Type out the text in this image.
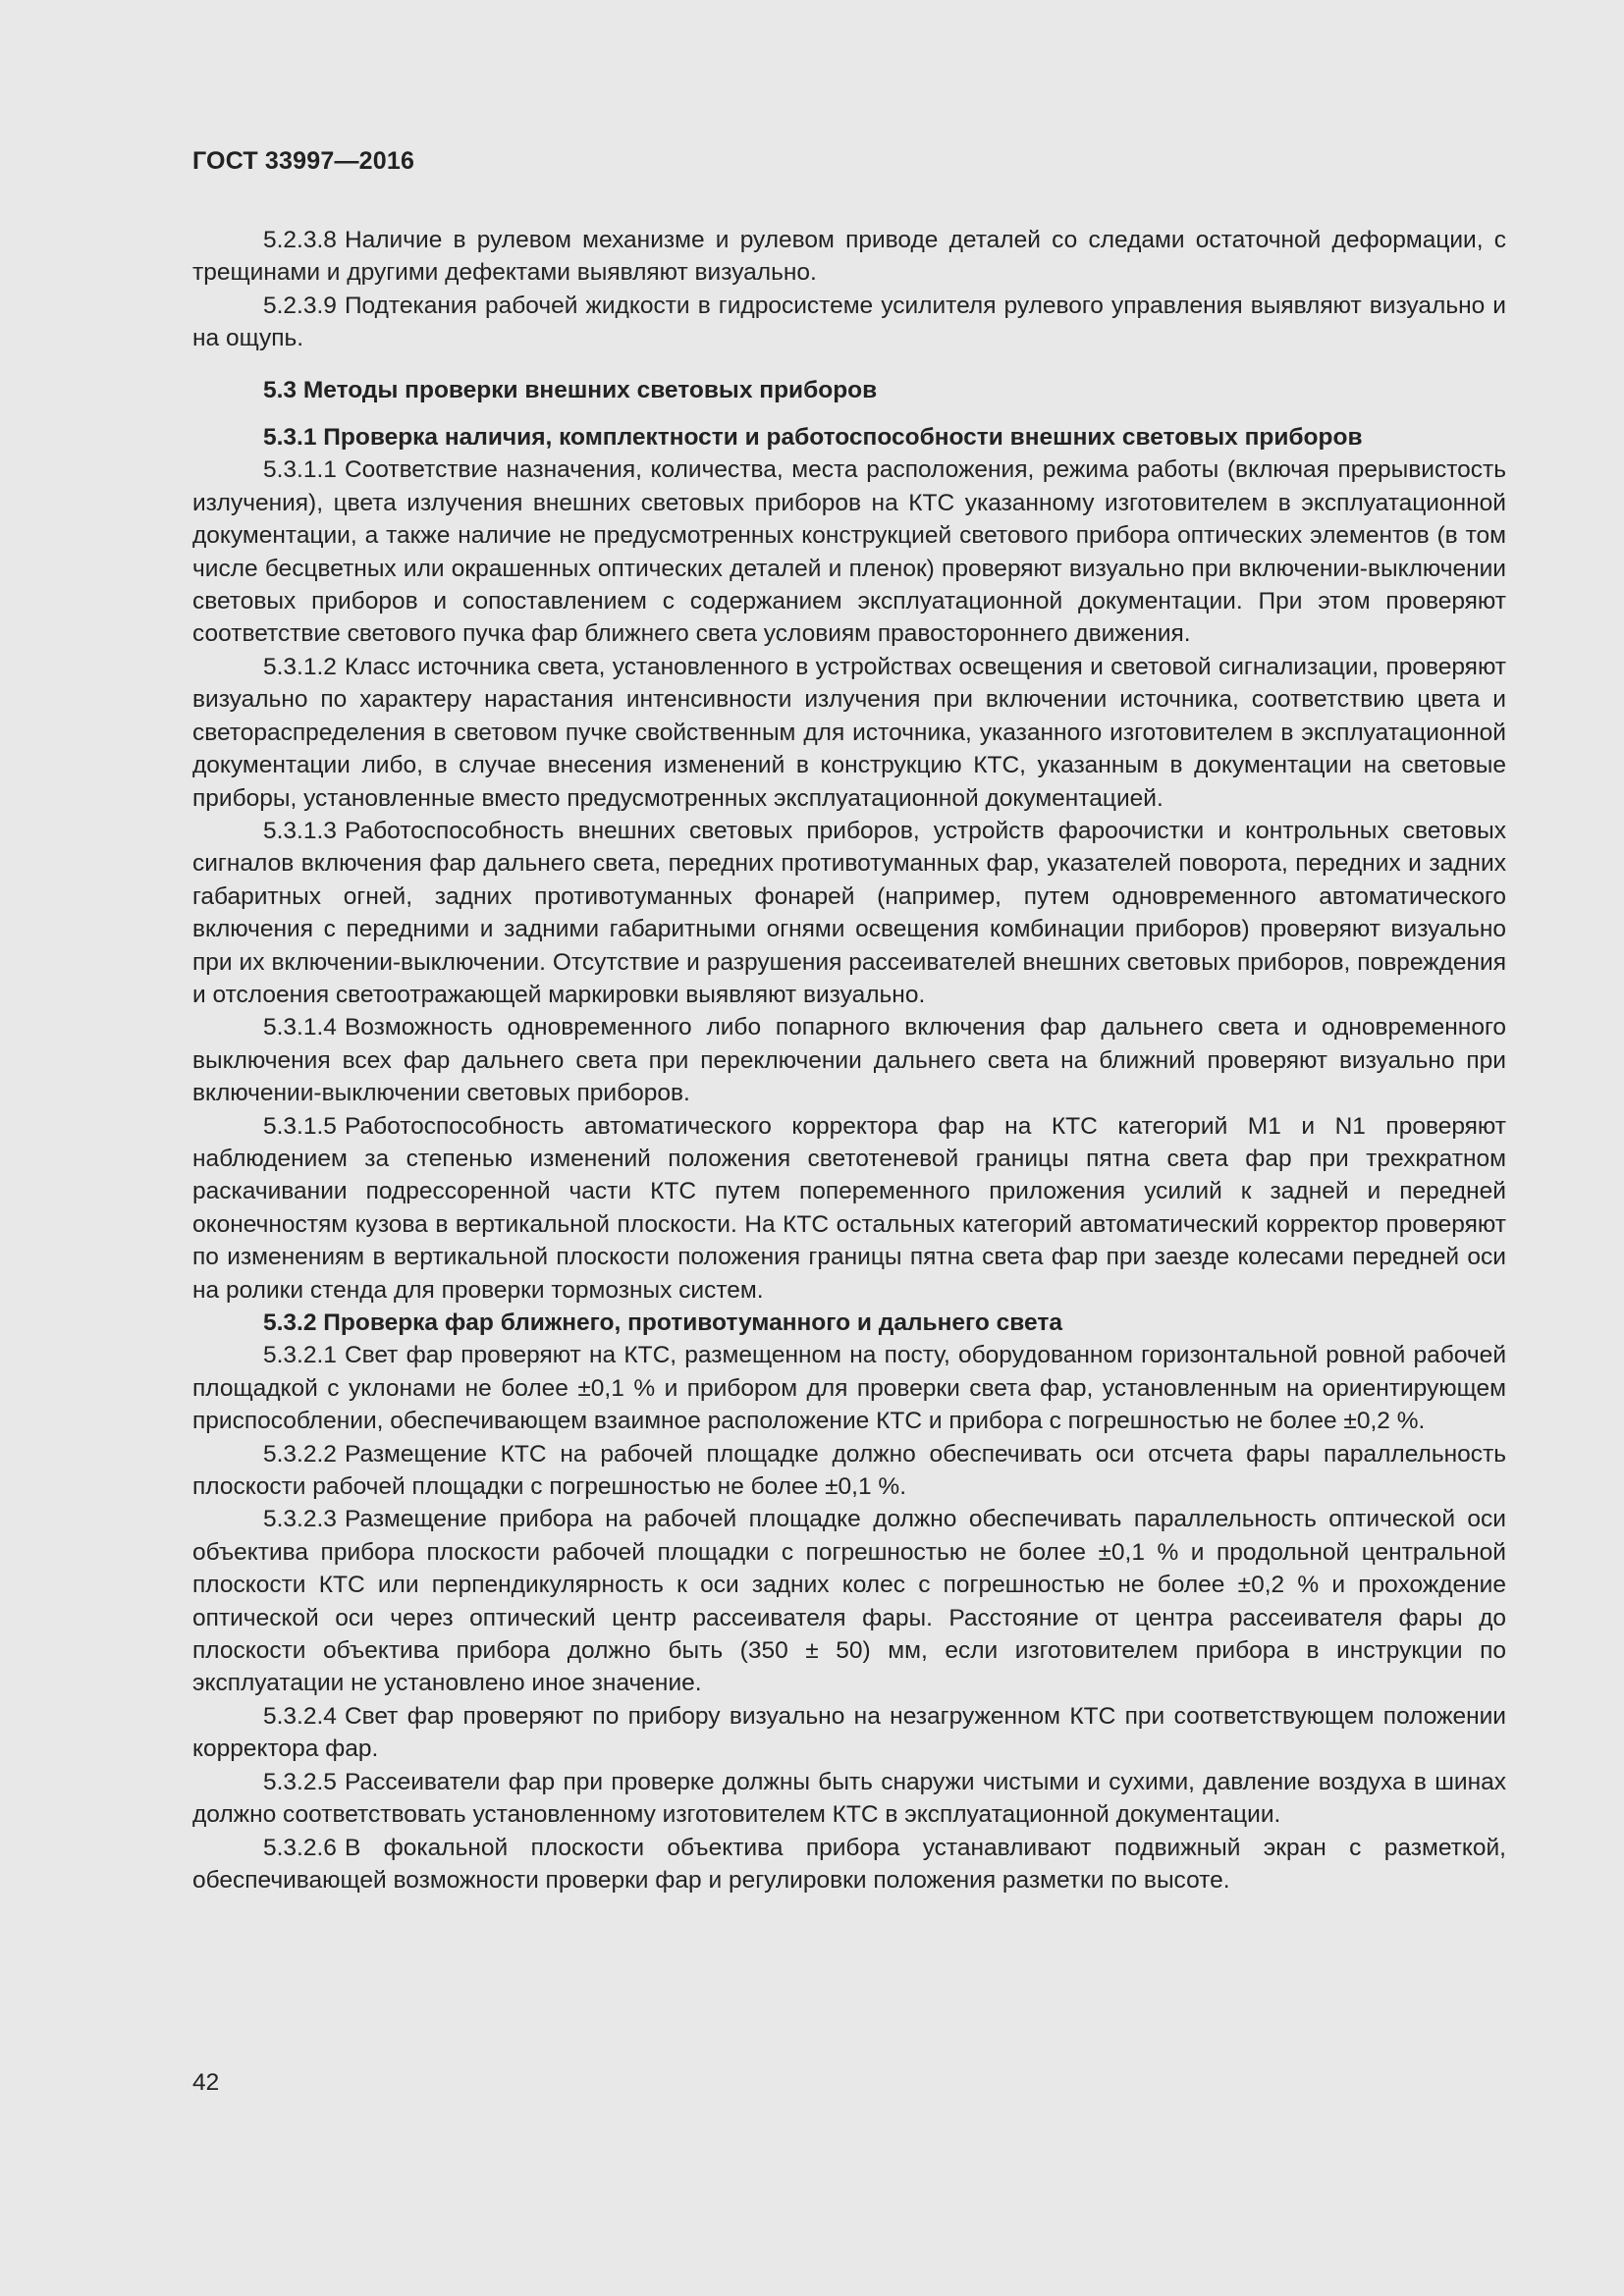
ГОСТ 33997—2016

5.2.3.8 Наличие в рулевом механизме и рулевом приводе деталей со следами остаточной деформации, с трещинами и другими дефектами выявляют визуально.

5.2.3.9 Подтекания рабочей жидкости в гидросистеме усилителя рулевого управления выявляют визуально и на ощупь.

5.3 Методы проверки внешних световых приборов

5.3.1 Проверка наличия, комплектности и работоспособности внешних световых приборов

5.3.1.1 Соответствие назначения, количества, места расположения, режима работы (включая прерывистость излучения), цвета излучения внешних световых приборов на КТС указанному изготовителем в эксплуатационной документации, а также наличие не предусмотренных конструкцией светового прибора оптических элементов (в том числе бесцветных или окрашенных оптических деталей и пленок) проверяют визуально при включении-выключении световых приборов и сопоставлением с содержанием эксплуатационной документации. При этом проверяют соответствие светового пучка фар ближнего света условиям правостороннего движения.

5.3.1.2 Класс источника света, установленного в устройствах освещения и световой сигнализации, проверяют визуально по характеру нарастания интенсивности излучения при включении источника, соответствию цвета и светораспределения в световом пучке свойственным для источника, указанного изготовителем в эксплуатационной документации либо, в случае внесения изменений в конструкцию КТС, указанным в документации на световые приборы, установленные вместо предусмотренных эксплуатационной документацией.

5.3.1.3 Работоспособность внешних световых приборов, устройств фароочистки и контрольных световых сигналов включения фар дальнего света, передних противотуманных фар, указателей поворота, передних и задних габаритных огней, задних противотуманных фонарей (например, путем одновременного автоматического включения с передними и задними габаритными огнями освещения комбинации приборов) проверяют визуально при их включении-выключении. Отсутствие и разрушения рассеивателей внешних световых приборов, повреждения и отслоения светоотражающей маркировки выявляют визуально.

5.3.1.4 Возможность одновременного либо попарного включения фар дальнего света и одновременного выключения всех фар дальнего света при переключении дальнего света на ближний проверяют визуально при включении-выключении световых приборов.

5.3.1.5 Работоспособность автоматического корректора фар на КТС категорий М1 и N1 проверяют наблюдением за степенью изменений положения светотеневой границы пятна света фар при трехкратном раскачивании подрессоренной части КТС путем попеременного приложения усилий к задней и передней оконечностям кузова в вертикальной плоскости. На КТС остальных категорий автоматический корректор проверяют по изменениям в вертикальной плоскости положения границы пятна света фар при заезде колесами передней оси на ролики стенда для проверки тормозных систем.

5.3.2 Проверка фар ближнего, противотуманного и дальнего света

5.3.2.1 Свет фар проверяют на КТС, размещенном на посту, оборудованном горизонтальной ровной рабочей площадкой с уклонами не более ±0,1 % и прибором для проверки света фар, установленным на ориентирующем приспособлении, обеспечивающем взаимное расположение КТС и прибора с погрешностью не более ±0,2 %.

5.3.2.2 Размещение КТС на рабочей площадке должно обеспечивать оси отсчета фары параллельность плоскости рабочей площадки с погрешностью не более ±0,1 %.

5.3.2.3 Размещение прибора на рабочей площадке должно обеспечивать параллельность оптической оси объектива прибора плоскости рабочей площадки с погрешностью не более ±0,1 % и продольной центральной плоскости КТС или перпендикулярность к оси задних колес с погрешностью не более ±0,2 % и прохождение оптической оси через оптический центр рассеивателя фары. Расстояние от центра рассеивателя фары до плоскости объектива прибора должно быть (350 ± 50) мм, если изготовителем прибора в инструкции по эксплуатации не установлено иное значение.

5.3.2.4 Свет фар проверяют по прибору визуально на незагруженном КТС при соответствующем положении корректора фар.

5.3.2.5 Рассеиватели фар при проверке должны быть снаружи чистыми и сухими, давление воздуха в шинах должно соответствовать установленному изготовителем КТС в эксплуатационной документации.

5.3.2.6 В фокальной плоскости объектива прибора устанавливают подвижный экран с разметкой, обеспечивающей возможности проверки фар и регулировки положения разметки по высоте.

42
